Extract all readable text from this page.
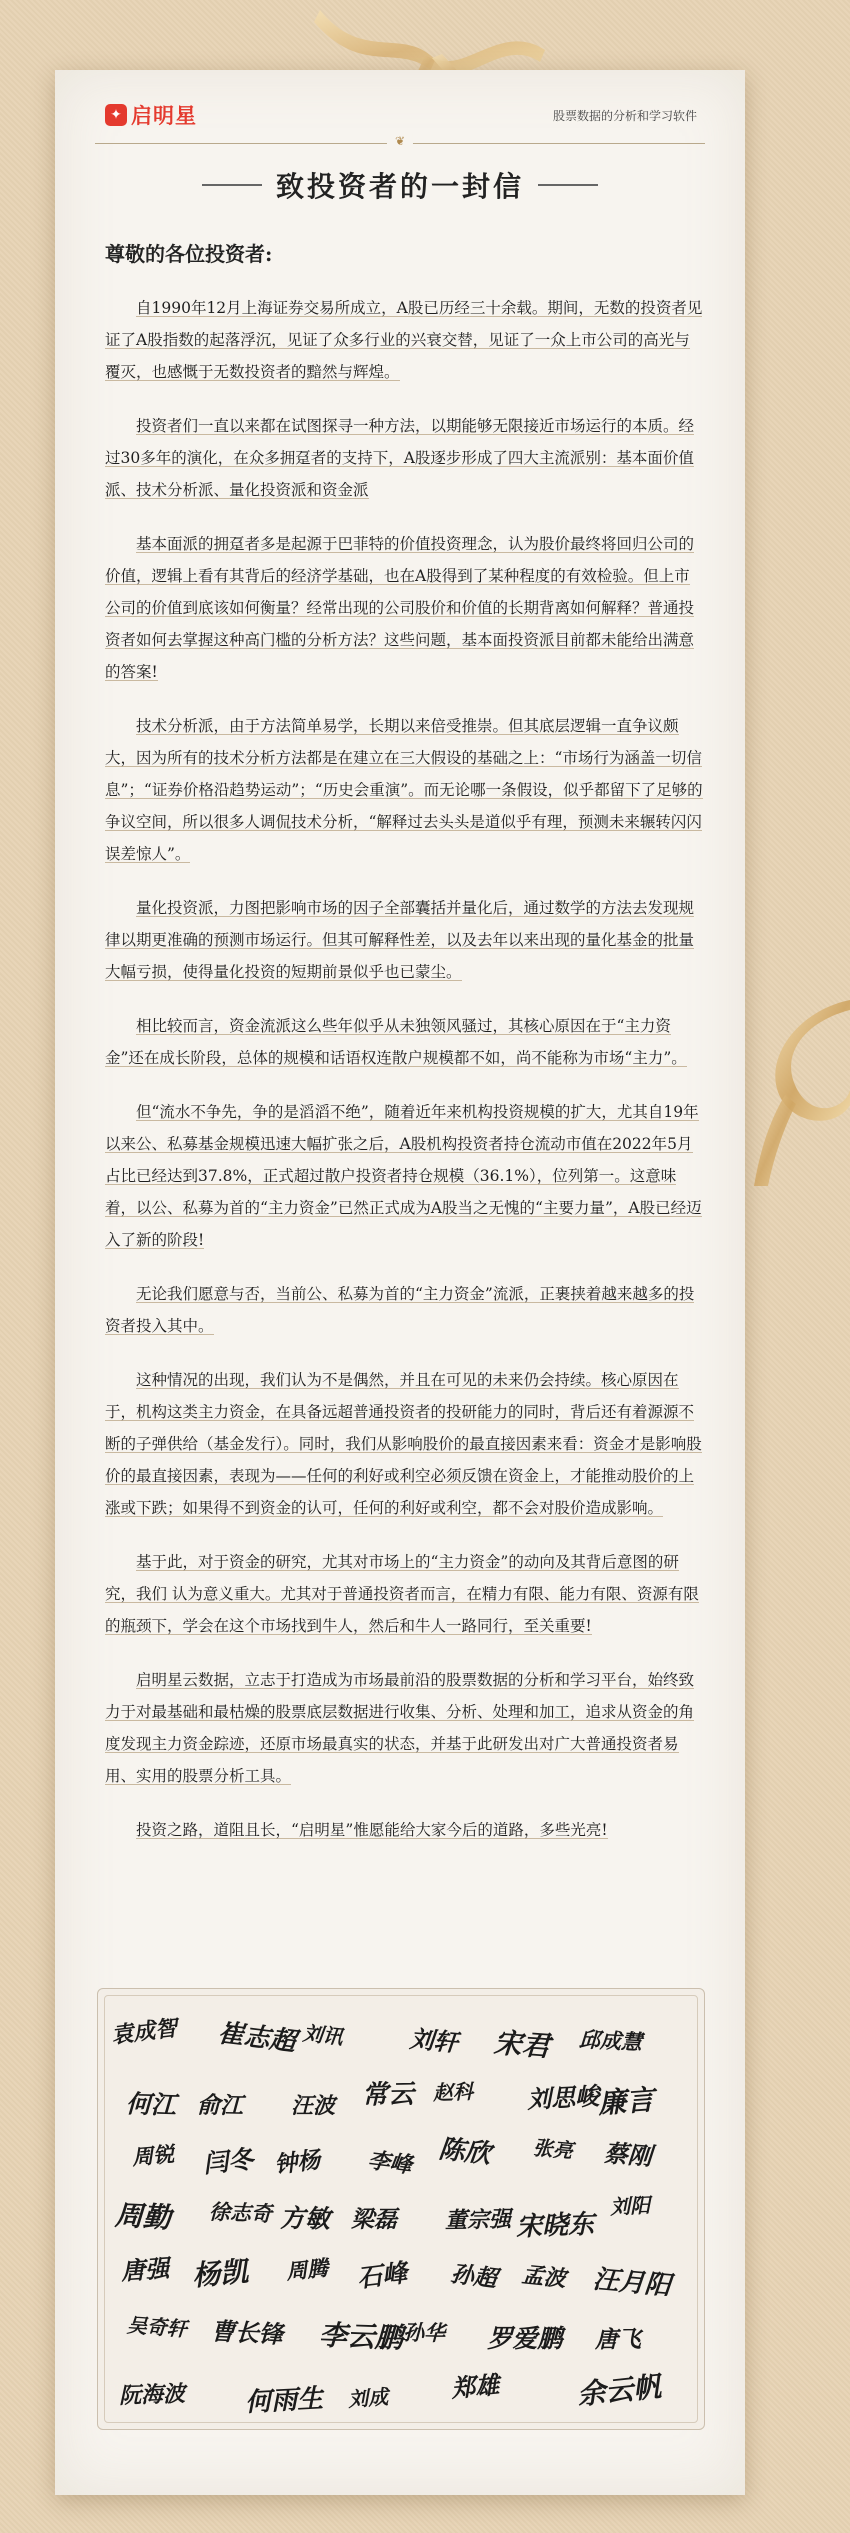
✦ 启明星	股票数据的分析和学习软件
❦
致投资者的一封信
尊敬的各位投资者:

自1990年12月上海证券交易所成立，A股已历经三十余载。期间，无数的投资者见证了A股指数的起落浮沉，见证了众多行业的兴衰交替，见证了一众上市公司的高光与覆灭，也感慨于无数投资者的黯然与辉煌。

投资者们一直以来都在试图探寻一种方法，以期能够无限接近市场运行的本质。经过30多年的演化，在众多拥趸者的支持下，A股逐步形成了四大主流派别：基本面价值派、技术分析派、量化投资派和资金派

基本面派的拥趸者多是起源于巴菲特的价值投资理念，认为股价最终将回归公司的价值，逻辑上看有其背后的经济学基础，也在A股得到了某种程度的有效检验。但上市公司的价值到底该如何衡量？经常出现的公司股价和价值的长期背离如何解释？普通投资者如何去掌握这种高门槛的分析方法？这些问题，基本面投资派目前都未能给出满意的答案!

技术分析派，由于方法简单易学，长期以来倍受推崇。但其底层逻辑一直争议颇大，因为所有的技术分析方法都是在建立在三大假设的基础之上：“市场行为涵盖一切信息”；“证券价格沿趋势运动”；“历史会重演”。而无论哪一条假设，似乎都留下了足够的争议空间，所以很多人调侃技术分析，“解释过去头头是道似乎有理，预测未来辗转闪闪误差惊人”。

量化投资派，力图把影响市场的因子全部囊括并量化后，通过数学的方法去发现规律以期更准确的预测市场运行。但其可解释性差，以及去年以来出现的量化基金的批量大幅亏损，使得量化投资的短期前景似乎也已蒙尘。

相比较而言，资金流派这么些年似乎从未独领风骚过，其核心原因在于“主力资金”还在成长阶段，总体的规模和话语权连散户规模都不如，尚不能称为市场“主力”。

但“流水不争先，争的是滔滔不绝”，随着近年来机构投资规模的扩大，尤其自19年以来公、私募基金规模迅速大幅扩张之后，A股机构投资者持仓流动市值在2022年5月占比已经达到37.8%，正式超过散户投资者持仓规模（36.1%），位列第一。这意味着，以公、私募为首的“主力资金”已然正式成为A股当之无愧的“主要力量”，A股已经迈入了新的阶段!

无论我们愿意与否，当前公、私募为首的“主力资金”流派，正裹挟着越来越多的投资者投入其中。

这种情况的出现，我们认为不是偶然，并且在可见的未来仍会持续。核心原因在于，机构这类主力资金，在具备远超普通投资者的投研能力的同时，背后还有着源源不断的子弹供给（基金发行）。同时，我们从影响股价的最直接因素来看：资金才是影响股价的最直接因素，表现为——任何的利好或利空必须反馈在资金上，才能推动股价的上涨或下跌；如果得不到资金的认可，任何的利好或利空，都不会对股价造成影响。

基于此，对于资金的研究，尤其对市场上的“主力资金”的动向及其背后意图的研究，我们 认为意义重大。尤其对于普通投资者而言，在精力有限、能力有限、资源有限的瓶颈下，学会在这个市场找到牛人，然后和牛人一路同行，至关重要!

启明星云数据，立志于打造成为市场最前沿的股票数据的分析和学习平台，始终致力于对最基础和最枯燥的股票底层数据进行收集、分析、处理和加工，追求从资金的角度发现主力资金踪迹，还原市场最真实的状态，并基于此研发出对广大普通投资者易用、实用的股票分析工具。

投资之路，道阻且长，“启明星”惟愿能给大家今后的道路，多些光亮!

袁成智 崔志超 刘讯	刘轩 宋君 邱成慧
何江 俞江 汪波 常云 赵科 刘思峻
廉言
周锐 闫冬 钟杨 李峰 陈欣 张亮 蔡刚
周勤 徐志奇 方敏 梁磊 董宗强 宋晓东
刘阳
唐强 杨凯 周腾 石峰 孙超 孟波 汪月阳
吴奇轩 曹长锋 李云鹏 孙华 罗爱鹏 唐飞
阮海波 何雨生 刘成	郑雄	余云帆
